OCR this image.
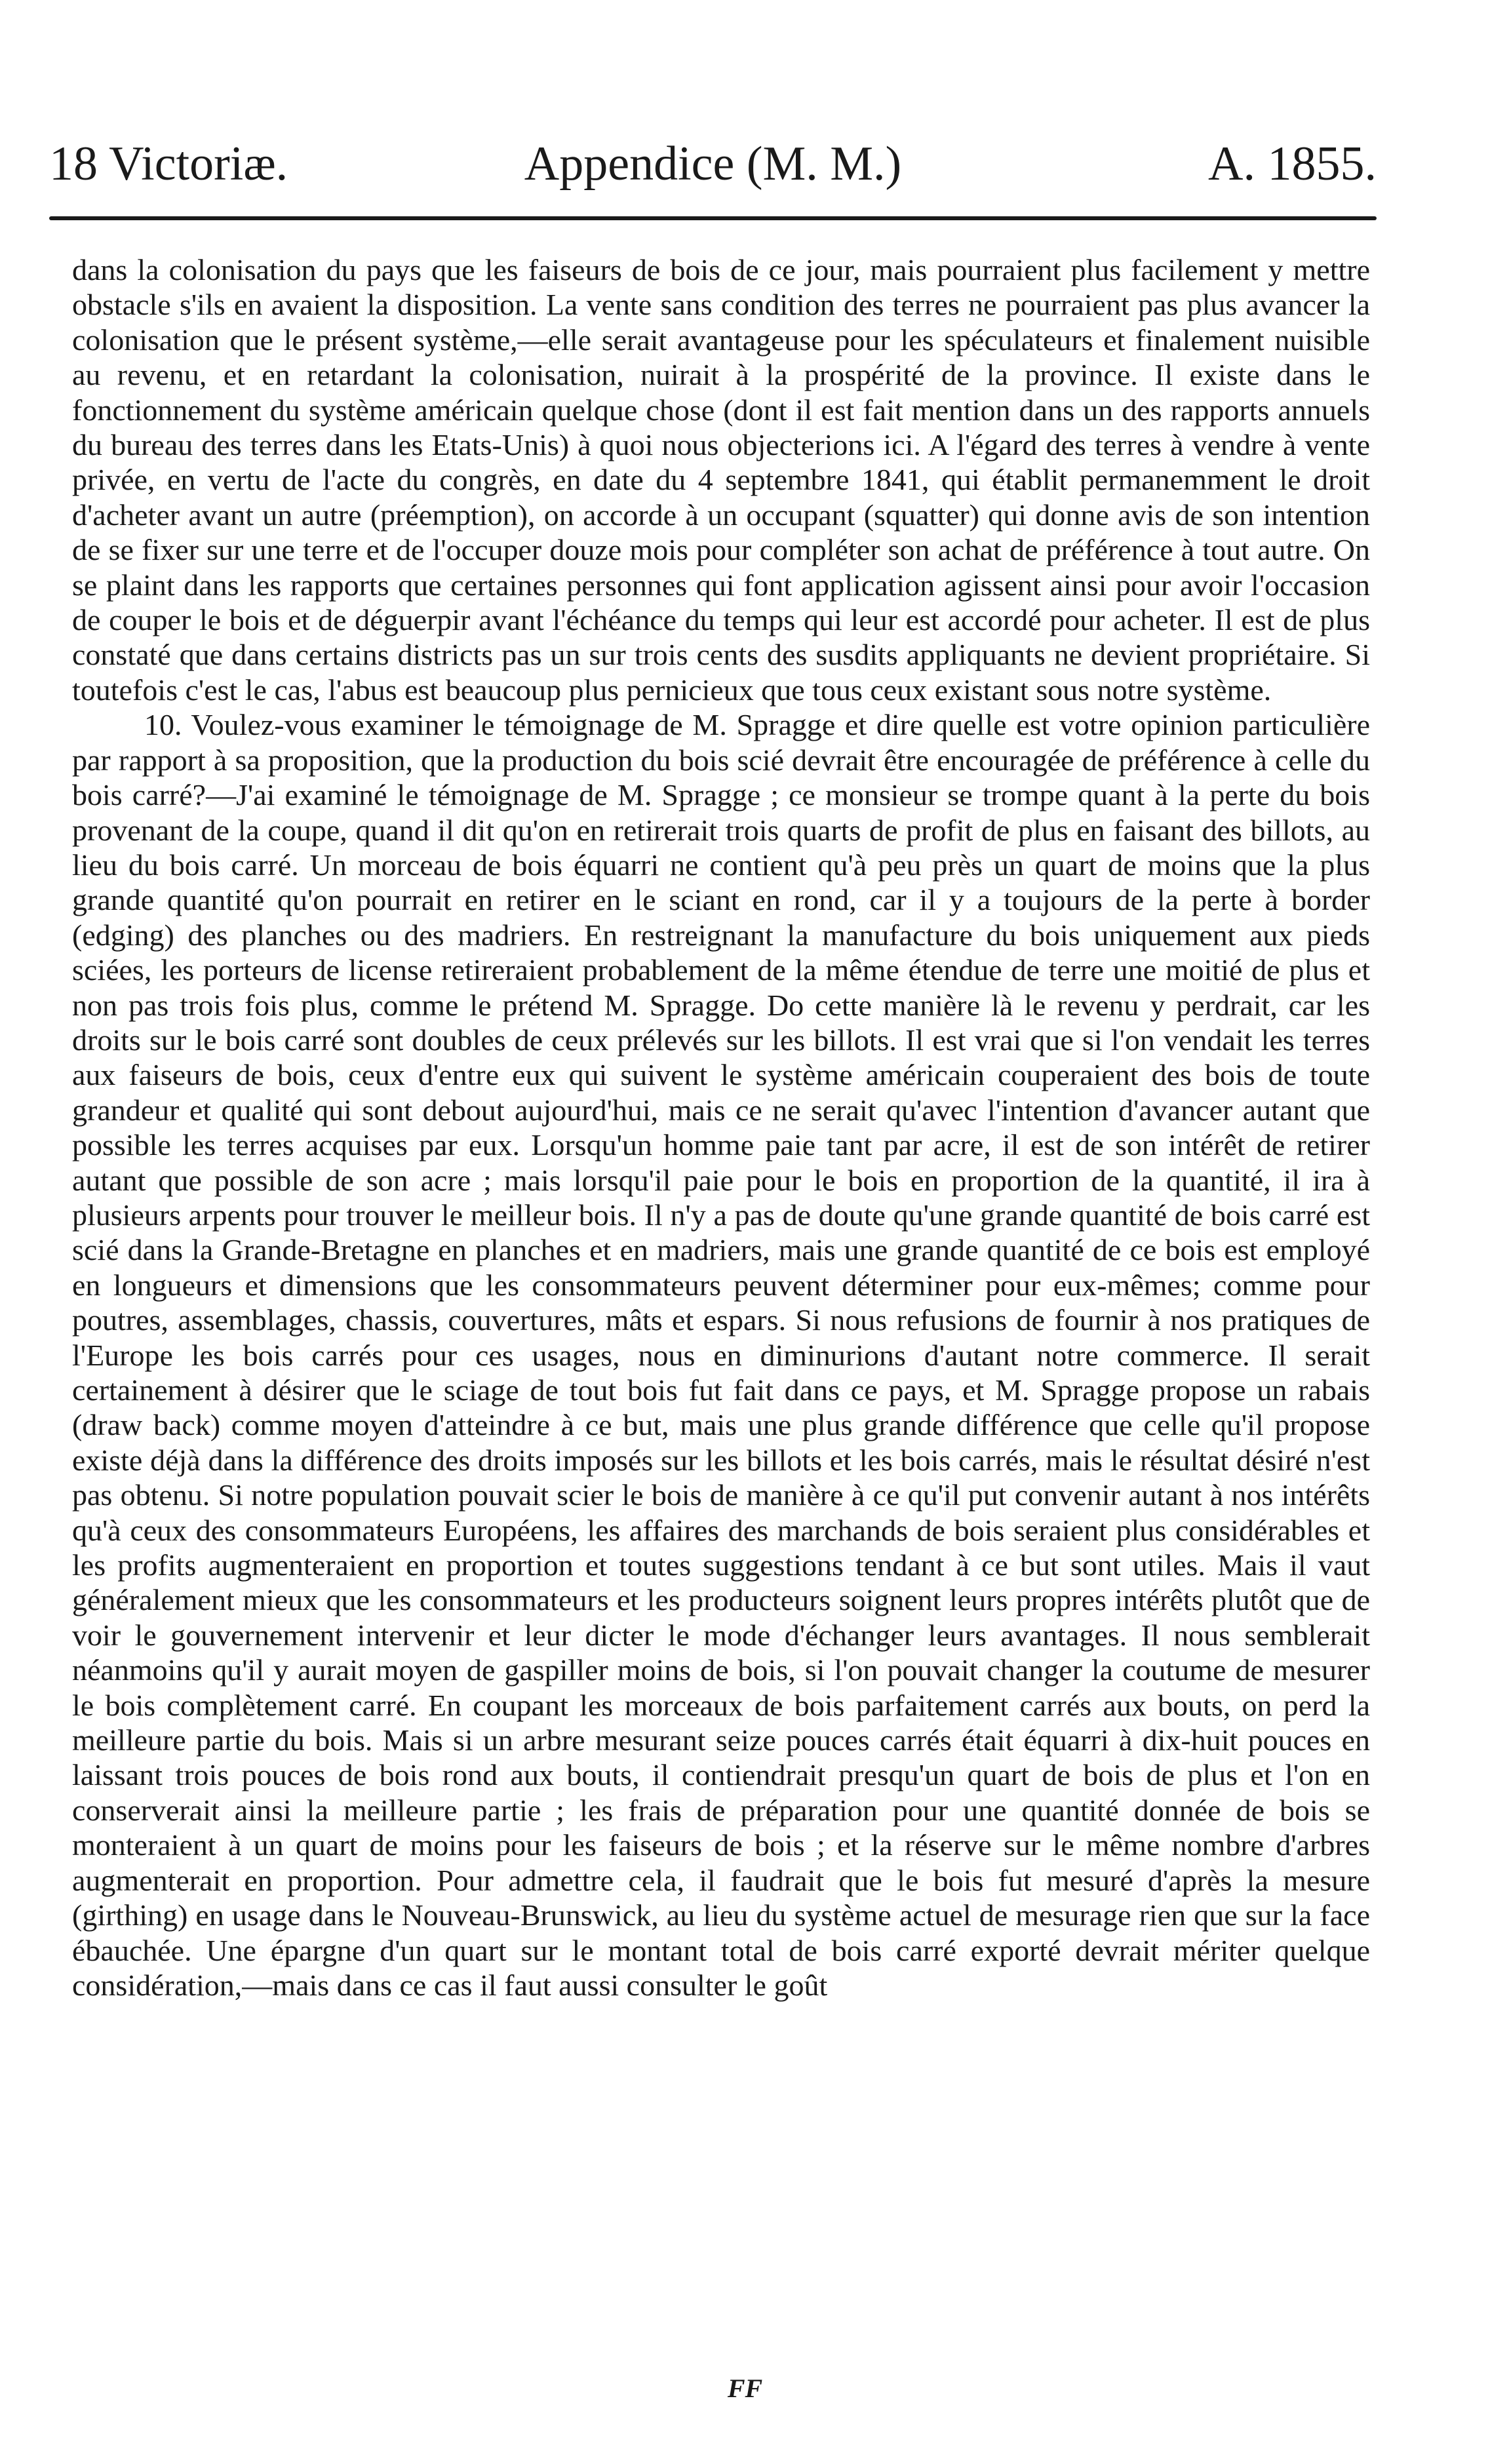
18 Victoriæ.	Appendice (M. M.)	A. 1855.

dans la colonisation du pays que les faiseurs de bois de ce jour, mais pourraient plus facilement y mettre obstacle s'ils en avaient la disposition. La vente sans condition des terres ne pourraient pas plus avancer la colonisation que le présent système,—elle serait avantageuse pour les spéculateurs et finalement nuisible au revenu, et en retardant la colonisation, nuirait à la prospérité de la province. Il existe dans le fonctionnement du système américain quelque chose (dont il est fait mention dans un des rapports annuels du bureau des terres dans les Etats-Unis) à quoi nous objecterions ici. A l'égard des terres à vendre à vente privée, en vertu de l'acte du congrès, en date du 4 septembre 1841, qui établit permanemment le droit d'acheter avant un autre (préemption), on accorde à un occupant (squatter) qui donne avis de son intention de se fixer sur une terre et de l'occuper douze mois pour compléter son achat de préférence à tout autre. On se plaint dans les rapports que certaines personnes qui font application agissent ainsi pour avoir l'occasion de couper le bois et de déguerpir avant l'échéance du temps qui leur est accordé pour acheter. Il est de plus constaté que dans certains districts pas un sur trois cents des susdits appliquants ne devient propriétaire. Si toutefois c'est le cas, l'abus est beaucoup plus pernicieux que tous ceux existant sous notre système.

10. Voulez-vous examiner le témoignage de M. Spragge et dire quelle est votre opinion particulière par rapport à sa proposition, que la production du bois scié devrait être encouragée de préférence à celle du bois carré?—J'ai examiné le témoignage de M. Spragge ; ce monsieur se trompe quant à la perte du bois provenant de la coupe, quand il dit qu'on en retirerait trois quarts de profit de plus en faisant des billots, au lieu du bois carré. Un morceau de bois équarri ne contient qu'à peu près un quart de moins que la plus grande quantité qu'on pourrait en retirer en le sciant en rond, car il y a toujours de la perte à border (edging) des planches ou des madriers. En restreignant la manufacture du bois uniquement aux pieds sciées, les porteurs de license retireraient probablement de la même étendue de terre une moitié de plus et non pas trois fois plus, comme le prétend M. Spragge. Do cette manière là le revenu y perdrait, car les droits sur le bois carré sont doubles de ceux prélevés sur les billots. Il est vrai que si l'on vendait les terres aux faiseurs de bois, ceux d'entre eux qui suivent le système américain couperaient des bois de toute grandeur et qualité qui sont debout aujourd'hui, mais ce ne serait qu'avec l'intention d'avancer autant que possible les terres acquises par eux. Lorsqu'un homme paie tant par acre, il est de son intérêt de retirer autant que possible de son acre ; mais lorsqu'il paie pour le bois en proportion de la quantité, il ira à plusieurs arpents pour trouver le meilleur bois. Il n'y a pas de doute qu'une grande quantité de bois carré est scié dans la Grande-Bretagne en planches et en madriers, mais une grande quantité de ce bois est employé en longueurs et dimensions que les consommateurs peuvent déterminer pour eux-mêmes; comme pour poutres, assemblages, chassis, couvertures, mâts et espars. Si nous refusions de fournir à nos pratiques de l'Europe les bois carrés pour ces usages, nous en diminurions d'autant notre commerce. Il serait certainement à désirer que le sciage de tout bois fut fait dans ce pays, et M. Spragge propose un rabais (draw back) comme moyen d'atteindre à ce but, mais une plus grande différence que celle qu'il propose existe déjà dans la différence des droits imposés sur les billots et les bois carrés, mais le résultat désiré n'est pas obtenu. Si notre population pouvait scier le bois de manière à ce qu'il put convenir autant à nos intérêts qu'à ceux des consommateurs Européens, les affaires des marchands de bois seraient plus considérables et les profits augmenteraient en proportion et toutes suggestions tendant à ce but sont utiles. Mais il vaut généralement mieux que les consommateurs et les producteurs soignent leurs propres intérêts plutôt que de voir le gouvernement intervenir et leur dicter le mode d'échanger leurs avantages. Il nous semblerait néanmoins qu'il y aurait moyen de gaspiller moins de bois, si l'on pouvait changer la coutume de mesurer le bois complètement carré. En coupant les morceaux de bois parfaitement carrés aux bouts, on perd la meilleure partie du bois. Mais si un arbre mesurant seize pouces carrés était équarri à dix-huit pouces en laissant trois pouces de bois rond aux bouts, il contiendrait presqu'un quart de bois de plus et l'on en conserverait ainsi la meilleure partie ; les frais de préparation pour une quantité donnée de bois se monteraient à un quart de moins pour les faiseurs de bois ; et la réserve sur le même nombre d'arbres augmenterait en proportion. Pour admettre cela, il faudrait que le bois fut mesuré d'après la mesure (girthing) en usage dans le Nouveau-Brunswick, au lieu du système actuel de mesurage rien que sur la face ébauchée. Une épargne d'un quart sur le montant total de bois carré exporté devrait mériter quelque considération,—mais dans ce cas il faut aussi consulter le goût

FF
